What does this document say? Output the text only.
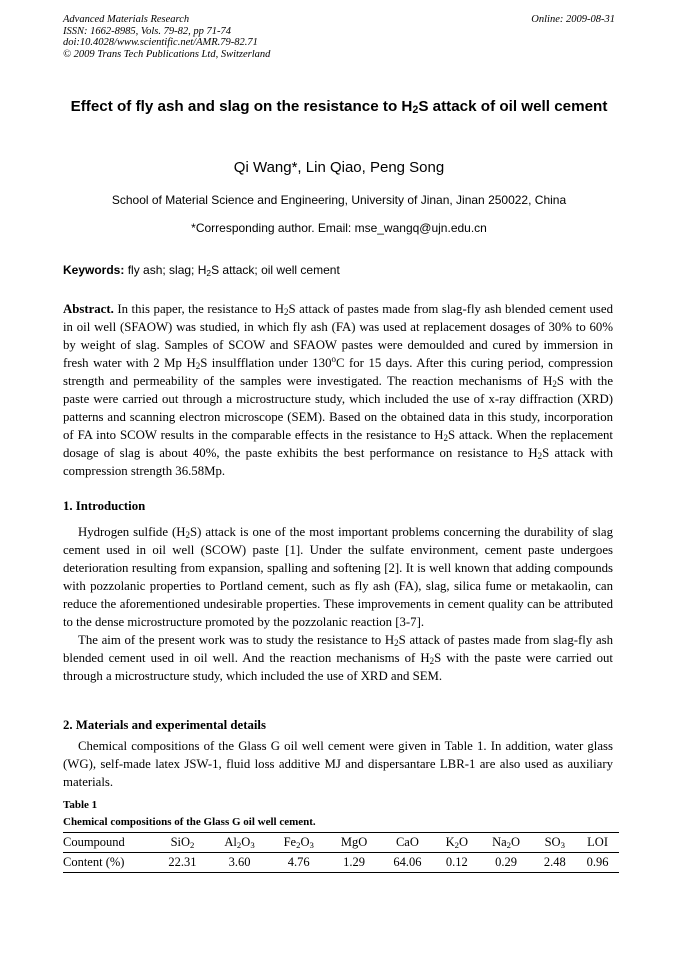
Advanced Materials Research
ISSN: 1662-8985, Vols. 79-82, pp 71-74
doi:10.4028/www.scientific.net/AMR.79-82.71
© 2009 Trans Tech Publications Ltd, Switzerland
Online: 2009-08-31
Effect of fly ash and slag on the resistance to $H_2S$ attack of oil well cement
Qi Wang*, Lin Qiao, Peng Song
School of Material Science and Engineering, University of Jinan, Jinan 250022, China
*Corresponding author. Email: mse_wangq@ujn.edu.cn
Keywords: fly ash; slag; $H_2S$ attack; oil well cement
Abstract. In this paper, the resistance to $H_2S$ attack of pastes made from slag-fly ash blended cement used in oil well (SFAOW) was studied, in which fly ash (FA) was used at replacement dosages of 30% to 60% by weight of slag. Samples of SCOW and SFAOW pastes were demoulded and cured by immersion in fresh water with 2 Mp $H_2S$ insulfflation under 130$^o$C for 15 days. After this curing period, compression strength and permeability of the samples were investigated. The reaction mechanisms of $H_2S$ with the paste were carried out through a microstructure study, which included the use of x-ray diffraction (XRD) patterns and scanning electron microscope (SEM). Based on the obtained data in this study, incorporation of FA into SCOW results in the comparable effects in the resistance to $H_2S$ attack. When the replacement dosage of slag is about 40%, the paste exhibits the best performance on resistance to $H_2S$ attack with compression strength 36.58Mp.
1. Introduction

Hydrogen sulfide $(H_2S)$ attack is one of the most important problems concerning the durability of slag cement used in oil well (SCOW) paste [1]. Under the sulfate environment, cement paste undergoes deterioration resulting from expansion, spalling and softening [2]. It is well known that adding compounds with pozzolanic properties to Portland cement, such as fly ash (FA), slag, silica fume or metakaolin, can reduce the aforementioned undesirable properties. These improvements in cement quality can be attributed to the dense microstructure promoted by the pozzolanic reaction [3-7].

The aim of the present work was to study the resistance to $H_2S$ attack of pastes made from slag-fly ash blended cement used in oil well. And the reaction mechanisms of $H_2S$ with the paste were carried out through a microstructure study, which included the use of XRD and SEM.

2. Materials and experimental details

Chemical compositions of the Glass G oil well cement were given in Table 1. In addition, water glass (WG), self-made latex JSW-1, fluid loss additive MJ and dispersantare LBR-1 are also used as auxiliary materials.

Table 1
Chemical compositions of the Glass G oil well cement.
Coumpound	SiO$_2$	$Al_2O_3$	$Fe_2O_3$	MgO	CaO	$K_2O$	$Na_2O$	$SO_3$	LOI
Content (%)	22.31	3.60	4.76	1.29	64.06	0.12	0.29	2.48	0.96
